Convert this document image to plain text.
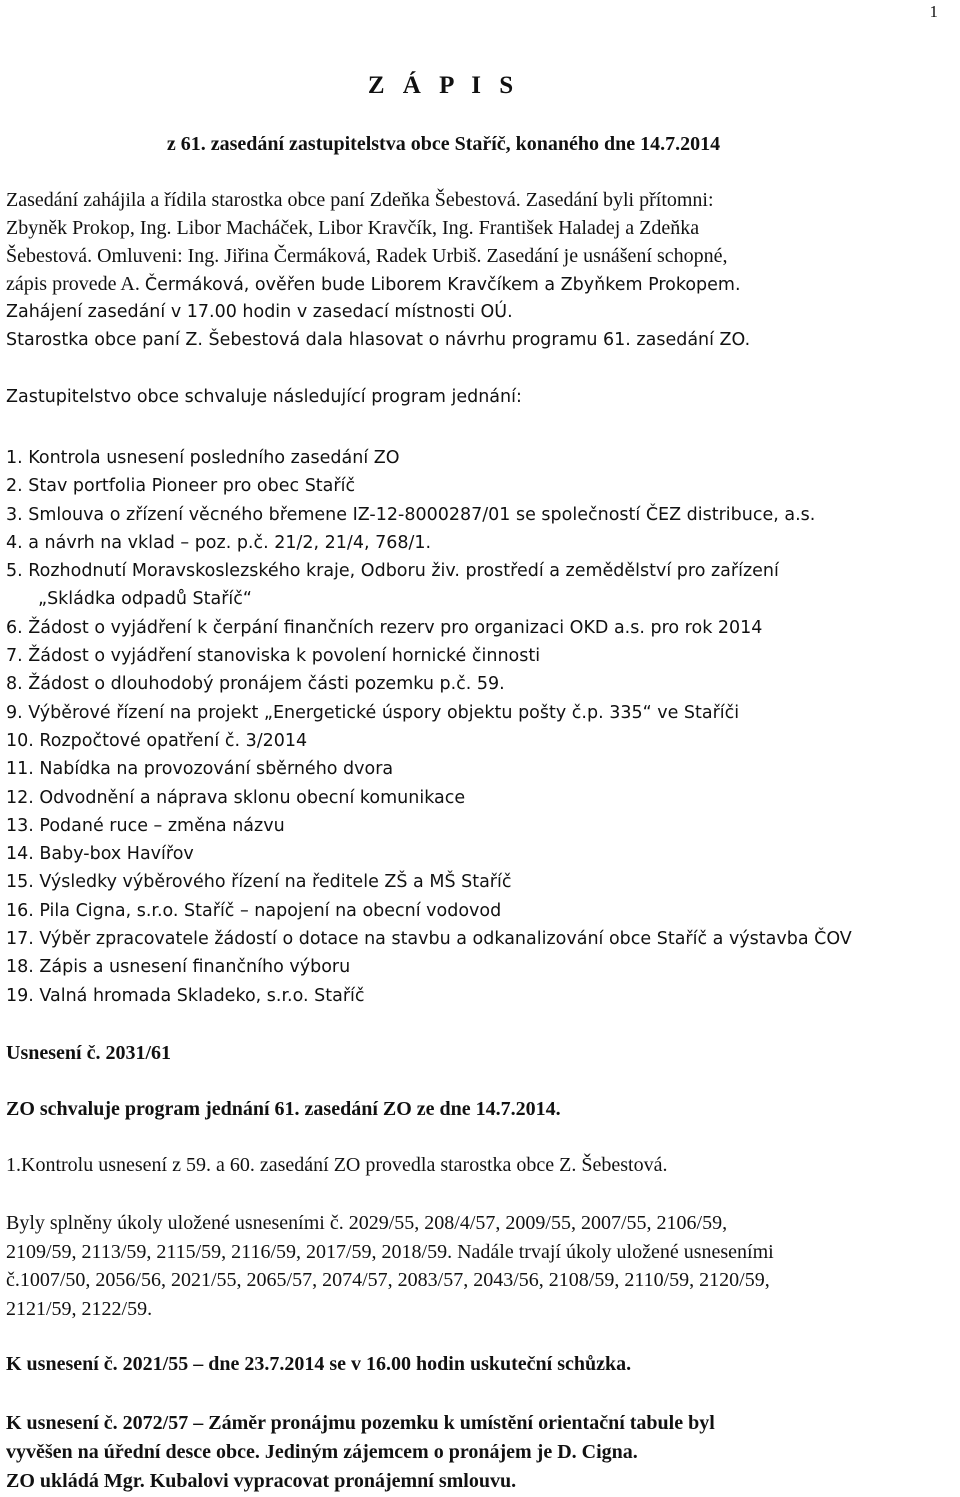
1
Z Á P I S
z 61. zasedání zastupitelstva obce Staříč, konaného dne 14.7.2014
Zasedání zahájila a řídila starostka obce paní Zdeňka Šebestová. Zasedání byli přítomni:
Zbyněk Prokop, Ing. Libor Macháček, Libor Kravčík, Ing. František Haladej a Zdeňka
Šebestová. Omluveni: Ing. Jiřina Čermáková, Radek Urbiš. Zasedání je usnášení schopné,
zápis provede A. Čermáková, ověřen bude Liborem Kravčíkem a Zbyňkem Prokopem.
Zahájení zasedání v 17.00 hodin v zasedací místnosti OÚ.
Starostka obce paní Z. Šebestová dala hlasovat o návrhu programu 61. zasedání ZO.
Zastupitelstvo obce schvaluje následující program jednání:
1. Kontrola usnesení posledního zasedání ZO
2. Stav portfolia Pioneer pro obec Staříč
3. Smlouva o zřízení věcného břemene IZ-12-8000287/01 se společností ČEZ distribuce, a.s.
4. a návrh na vklad – poz. p.č. 21/2, 21/4, 768/1.
5. Rozhodnutí Moravskoslezského kraje, Odboru živ. prostředí a zemědělství pro zařízení
„Skládka odpadů Staříč“
6. Žádost o vyjádření k čerpání finančních rezerv pro organizaci OKD a.s. pro rok 2014
7. Žádost o vyjádření stanoviska k povolení hornické činnosti
8. Žádost o dlouhodobý pronájem části pozemku p.č. 59.
9. Výběrové řízení na projekt „Energetické úspory objektu pošty č.p. 335“ ve Staříči
10. Rozpočtové opatření č. 3/2014
11. Nabídka na provozování sběrného dvora
12. Odvodnění a náprava sklonu obecní komunikace
13. Podané ruce – změna názvu
14. Baby-box Havířov
15. Výsledky výběrového řízení na ředitele ZŠ a MŠ Staříč
16. Pila Cigna, s.r.o. Staříč – napojení na obecní vodovod
17. Výběr zpracovatele žádostí o dotace na stavbu a odkanalizování obce Staříč a výstavba ČOV
18. Zápis a usnesení finančního výboru
19. Valná hromada Skladeko, s.r.o. Staříč
Usnesení č. 2031/61
ZO schvaluje program jednání 61. zasedání ZO ze dne 14.7.2014.
1.Kontrolu usnesení z 59. a 60. zasedání ZO provedla starostka obce Z. Šebestová.
Byly splněny úkoly uložené usneseními č. 2029/55, 208/4/57, 2009/55, 2007/55, 2106/59,
2109/59, 2113/59, 2115/59, 2116/59, 2017/59, 2018/59. Nadále trvají úkoly uložené usneseními
č.1007/50, 2056/56, 2021/55, 2065/57, 2074/57, 2083/57, 2043/56, 2108/59, 2110/59, 2120/59,
2121/59, 2122/59.
K usnesení č. 2021/55 – dne 23.7.2014 se v 16.00 hodin uskuteční schůzka.
K usnesení č. 2072/57 – Záměr pronájmu pozemku k umístění orientační tabule byl
vyvěšen na úřední desce obce. Jediným zájemcem o pronájem je D. Cigna.
ZO ukládá Mgr. Kubalovi vypracovat pronájemní smlouvu.
